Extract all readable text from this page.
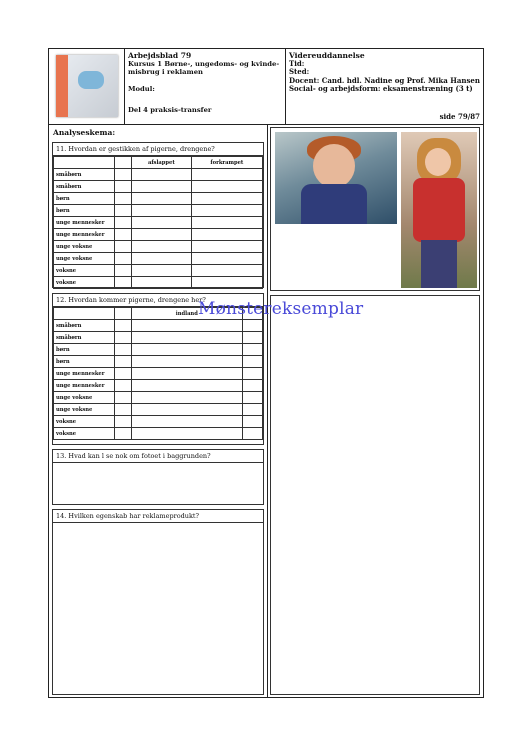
Arbejdsblad 79
Kursus 1 Børne-, ungedoms- og kvinde-misbrug i reklamen
Modul:
Del 4 praksis-transfer
Videreuddannelse
Tid:
Sted:
Docent: Cand. hdl. Nadine og Prof. Mika Hansen
Social- og arbejdsform: eksamenstræning (3 t)
side 79/87
Analyseskema:
11. Hvordan er gestikken af pigerne, drengene?
		afslappet	forkrampet
småbørn			
småbørn			
børn			
børn			
unge mennesker			
unge mennesker			
unge voksne			
unge voksne			
voksne			
voksne			
12. Hvordan kommer pigerne, drengene her?
		indland	
småbørn			
småbørn			
børn			
børn			
unge mennesker			
unge mennesker			
unge voksne			
unge voksne			
voksne			
voksne			
13. Hvad kan l se nok om fotoet i baggrunden?
14. Hvilken egenskab har reklameprodukt?
Mønstereksemplar
